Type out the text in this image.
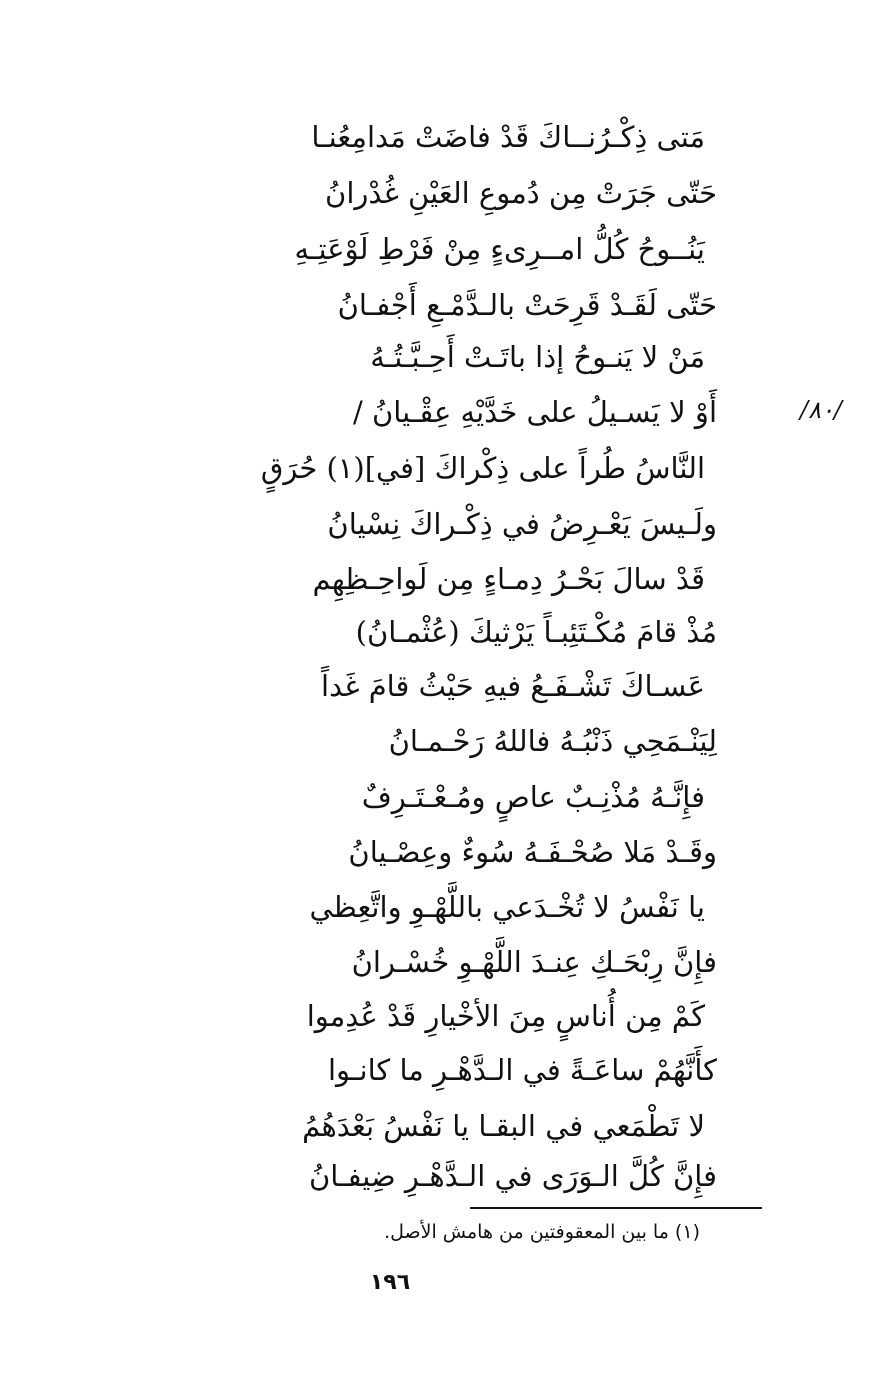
مَتى ذِكْـرُنــاكَ قَدْ فاضَتْ مَدامِعُنـا
حَتّى جَرَتْ مِن دُموعِ العَيْنِ غُدْرانُ
يَنُــوحُ كُلُّ امــرِىءٍ مِنْ فَرْطِ لَوْعَتِـهِ
حَتّى لَقَـدْ قَرِحَتْ بالـدَّمْـعِ أَجْفـانُ
مَنْ لا يَنـوحُ إذا باتَـتْ أَحِـبَّـتُـهُ
أَوْ لا يَسـيلُ على خَدَّيْهِ عِقْـيانُ /
النَّاسُ طُراً على ذِكْراكَ [في](١) حُرَقٍ
ولَـيسَ يَعْـرِضُ في ذِكْـراكَ نِسْيانُ
قَدْ سالَ بَحْـرُ دِمـاءٍ مِن لَواحِـظِهِم
مُذْ قامَ مُكْـتَئِبـاً يَرْثيكَ (عُثْمـانُ)
عَسـاكَ تَشْـفَـعُ فيهِ حَيْثُ قامَ غَداً
لِيَنْـمَحِي ذَنْبُـهُ فاللهُ رَحْـمـانُ
فإِنَّـهُ مُذْنِـبٌ عاصٍ ومُـعْـتَـرِفٌ
وقَـدْ مَلا صُحْـفَـهُ سُوءٌ وعِصْـيانُ
يا نَفْسُ لا تُخْـدَعي باللَّهْـوِ واتَّعِظي
فإِنَّ رِبْحَـكِ عِنـدَ اللَّهْـوِ خُسْـرانُ
كَمْ مِن أُناسٍ مِنَ الأخْيارِ قَدْ عُدِموا
كأَنَّهُمْ ساعَـةً في الـدَّهْـرِ ما كانـوا
لا تَطْمَعي في البقـا يا نَفْسُ بَعْدَهُمُ
فإِنَّ كُلَّ الـوَرَى في الـدَّهْـرِ ضِيفـانُ
/٨٠/
(١) ما بين المعقوفتين من هامش الأصل.
١٩٦
